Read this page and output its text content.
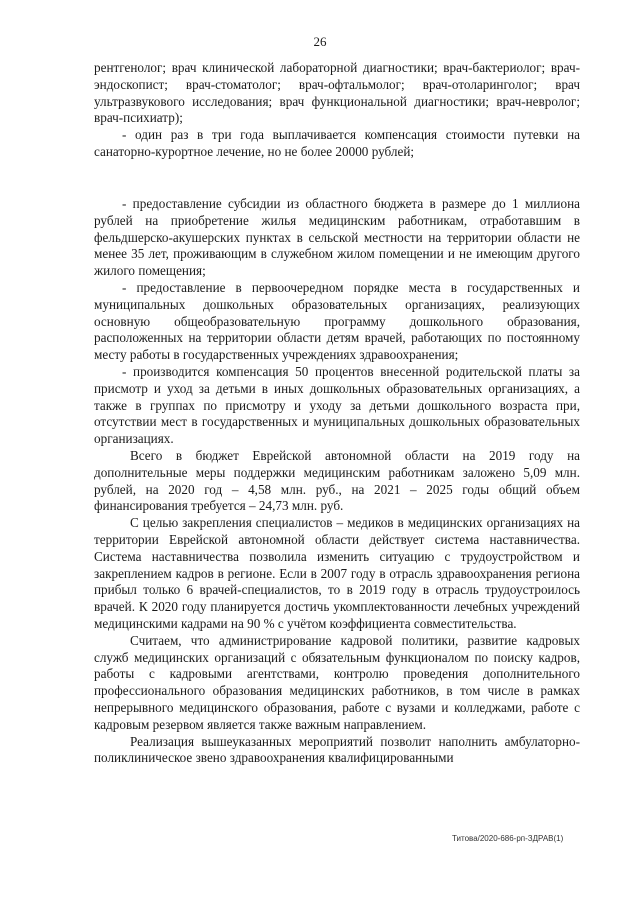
26

рентгенолог; врач клинической лабораторной диагностики; врач-бактериолог; врач-эндоскопист; врач-стоматолог; врач-офтальмолог; врач-отоларинголог; врач ультразвукового исследования; врач функциональной диагностики; врач-невролог; врач-психиатр);

- один раз в три года выплачивается компенсация стоимости путевки на санаторно-курортное лечение, но не более 20000 рублей;

- предоставление субсидии из областного бюджета в размере до 1 миллиона рублей на приобретение жилья медицинским работникам, отработавшим в фельдшерско-акушерских пунктах в сельской местности на территории области не менее 35 лет, проживающим в служебном жилом помещении и не имеющим другого жилого помещения;

- предоставление в первоочередном порядке места в государственных и муниципальных дошкольных образовательных организациях, реализующих основную общеобразовательную программу дошкольного образования, расположенных на территории области детям врачей, работающих по постоянному месту работы в государственных учреждениях здравоохранения;

- производится компенсация 50 процентов внесенной родительской платы за присмотр и уход за детьми в иных дошкольных образовательных организациях, а также в группах по присмотру и уходу за детьми дошкольного возраста при, отсутствии мест в государственных и муниципальных дошкольных образовательных организациях.

Всего в бюджет Еврейской автономной области на 2019 году на дополнительные меры поддержки медицинским работникам заложено 5,09 млн. рублей, на 2020 год – 4,58 млн. руб., на 2021 – 2025 годы общий объем финансирования требуется – 24,73 млн. руб.

С целью закрепления специалистов – медиков в медицинских организациях на территории Еврейской автономной области действует система наставничества. Система наставничества позволила изменить ситуацию с трудоустройством и закреплением кадров в регионе. Если в 2007 году в отрасль здравоохранения региона прибыл только 6 врачей-специалистов, то в 2019 году в отрасль трудоустроилось врачей. К 2020 году планируется достичь укомплектованности лечебных учреждений медицинскими кадрами на 90 % с учётом коэффициента совместительства.

Считаем, что администрирование кадровой политики, развитие кадровых служб медицинских организаций с обязательным функционалом по поиску кадров, работы с кадровыми агентствами, контролю проведения дополнительного профессионального образования медицинских работников, в том числе в рамках непрерывного медицинского образования, работе с вузами и колледжами, работе с кадровым резервом является также важным направлением.

Реализация вышеуказанных мероприятий позволит наполнить амбулаторно-поликлиническое звено здравоохранения квалифицированными

Титова/2020-686-рп-ЗДРАВ(1)
